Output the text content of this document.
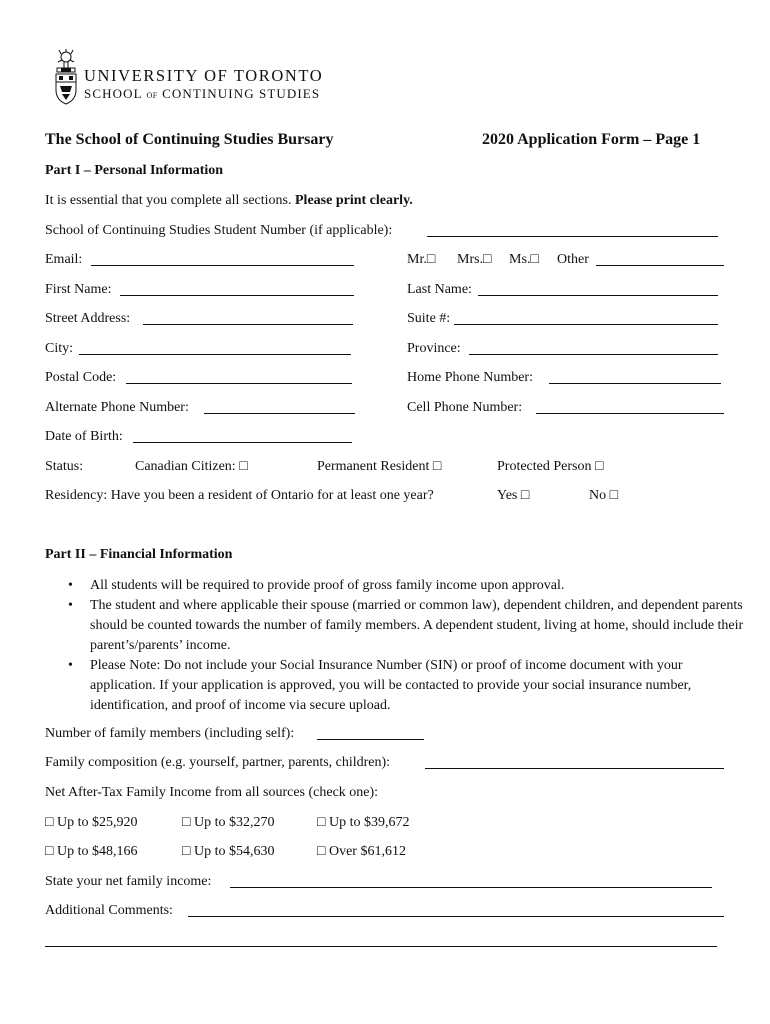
UNIVERSITY OF TORONTO
SCHOOL OF CONTINUING STUDIES
The School of Continuing Studies Bursary	2020 Application Form – Page 1
Part I – Personal Information
It is essential that you complete all sections. Please print clearly.
School of Continuing Studies Student Number (if applicable):
Email:	Mr.□ Mrs.□ Ms.□ Other
First Name:	Last Name:
Street Address:	Suite #:
City:	Province:
Postal Code:	Home Phone Number:
Alternate Phone Number:	Cell Phone Number:
Date of Birth:
Status:	Canadian Citizen: □	Permanent Resident □	Protected Person □
Residency: Have you been a resident of Ontario for at least one year?	Yes □	No □
Part II – Financial Information
• All students will be required to provide proof of gross family income upon approval.
• The student and where applicable their spouse (married or common law), dependent children, and dependent parents should be counted towards the number of family members. A dependent student, living at home, should include their parent’s/parents’ income.
• Please Note: Do not include your Social Insurance Number (SIN) or proof of income document with your application. If your application is approved, you will be contacted to provide your social insurance number, identification, and proof of income via secure upload.
Number of family members (including self):
Family composition (e.g. yourself, partner, parents, children):
Net After-Tax Family Income from all sources (check one):
□ Up to $25,920	□ Up to $32,270	□ Up to $39,672
□ Up to $48,166	□ Up to $54,630	□ Over $61,612
State your net family income:
Additional Comments:
